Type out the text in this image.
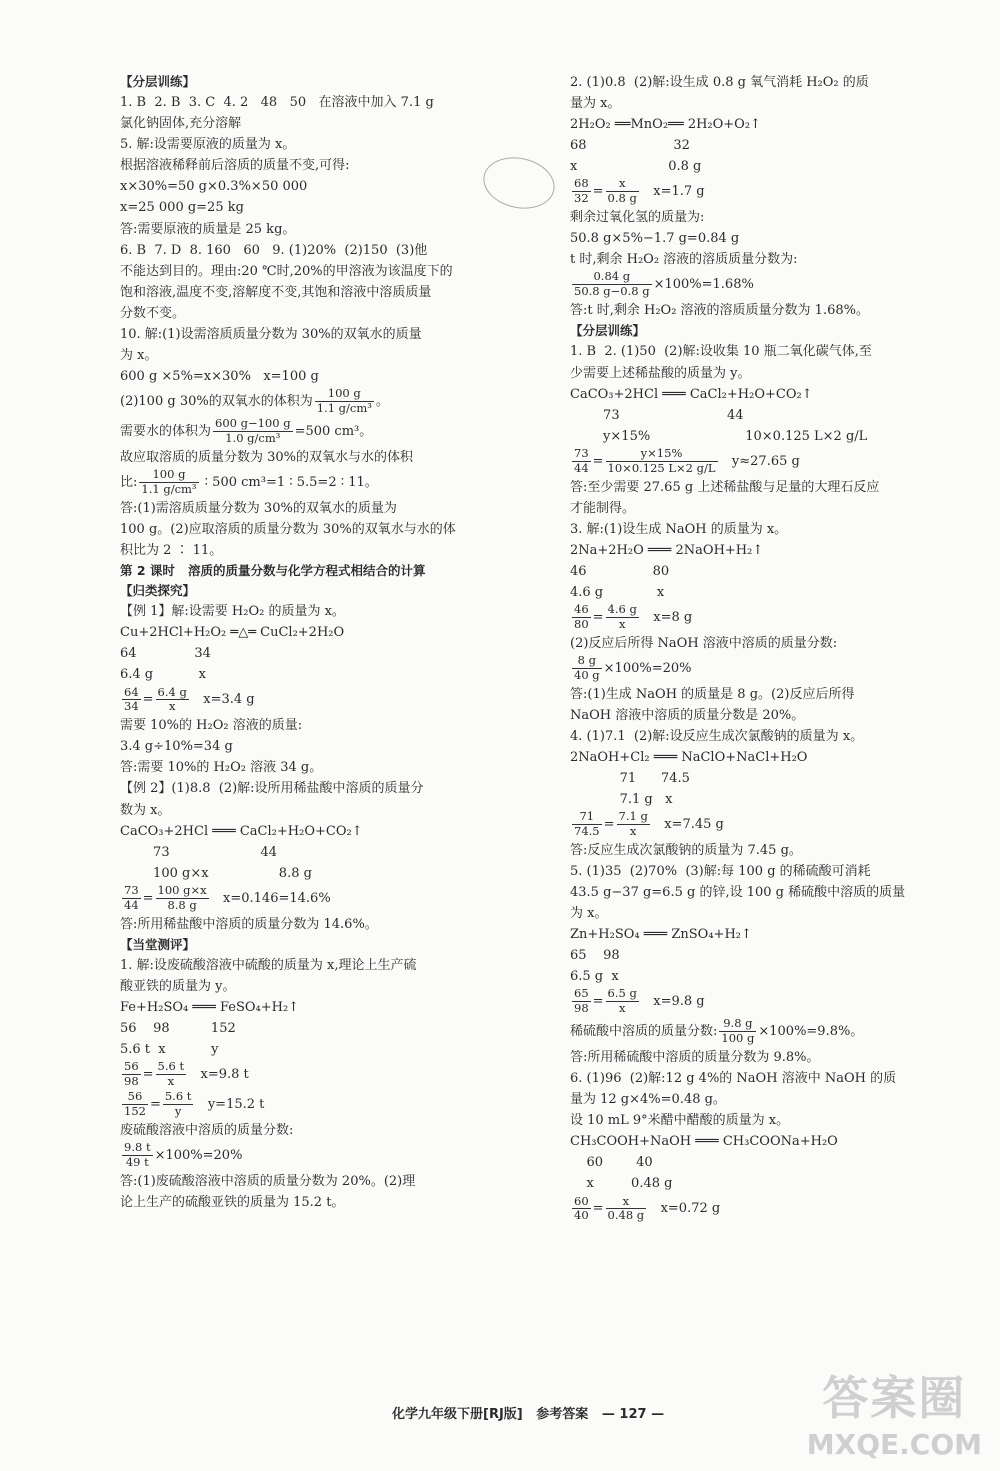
【分层训练】
1. B  2. B  3. C  4. 2   48   50   在溶液中加入 7.1 g
氯化钠固体,充分溶解
5. 解:设需要原液的质量为 x。
根据溶液稀释前后溶质的质量不变,可得:
x×30%=50 g×0.3%×50 000
x=25 000 g=25 kg
答:需要原液的质量是 25 kg。
6. B  7. D  8. 160   60   9. (1)20%  (2)150  (3)他
不能达到目的。理由:20 ℃时,20%的甲溶液为该温度下的
饱和溶液,温度不变,溶解度不变,其饱和溶液中溶质质量
分数不变。
10. 解:(1)设需溶质质量分数为 30%的双氧水的质量
为 x。
600 g ×5%=x×30%   x=100 g
(2)100 g 30%的双氧水的体积为 $\frac{100 g}{\text{1.1 g/cm³}}$ 。
需要水的体积为 $\frac{600 g-100 g}{\text{1.0 g/cm³}} =500$ cm³。
故应取溶质的质量分数为 30%的双氧水与水的体积
比: $\frac{100 g}{\text{1.1 g/cm³}}$ ∶ 500 cm³=1 ∶ 5.5=2 ∶ 11。
答:(1)需溶质质量分数为 30%的双氧水的质量为
100 g。(2)应取溶质的质量分数为 30%的双氧水与水的体
积比为 2 ∶ 11。
第 2 课时   溶质的质量分数与化学方程式相结合的计算
【归类探究】
【例 1】解:设需要 H₂O₂ 的质量为 x。
Cu+2HCl+H₂O₂ ═△═ CuCl₂+2H₂O
64              34
6.4 g           x
$\frac{64}{34} = \frac{6.4 g}{x} x=3.4$ g
需要 10%的 H₂O₂ 溶液的质量:
3.4 g÷10%=34 g
答:需要 10%的 H₂O₂ 溶液 34 g。
【例 2】(1)8.8  (2)解:设所用稀盐酸中溶质的质量分
数为 x。
CaCO₃+2HCl ═══ CaCl₂+H₂O+CO₂↑
73                      44
100 g×x                 8.8 g
$\frac{73}{44} = \frac{100 g\times x}{8.8 g} x=0.146=14.6\%$
答:所用稀盐酸中溶质的质量分数为 14.6%。
【当堂测评】
1. 解:设废硫酸溶液中硫酸的质量为 x,理论上生产硫
酸亚铁的质量为 y。
Fe+H₂SO₄ ═══ FeSO₄+H₂↑
56    98          152
5.6 t  x           y
$\frac{56}{98} = \frac{5.6 t}{x} x=9.8$ t
$\frac{56}{152} = \frac{5.6 t}{y} y=15.2$ t
废硫酸溶液中溶质的质量分数:
$\frac{9.8 t}{49 t} \times 100\%=20\%$
答:(1)废硫酸溶液中溶质的质量分数为 20%。(2)理
论上生产的硫酸亚铁的质量为 15.2 t。
2. (1)0.8  (2)解:设生成 0.8 g 氧气消耗 H₂O₂ 的质
量为 x。
2H₂O₂ ══MnO₂══ 2H₂O+O₂↑
68                     32
x                      0.8 g
$\frac{68}{32} = \frac{x}{0.8 g} x=1.7$ g
剩余过氧化氢的质量为:
50.8 g×5%−1.7 g=0.84 g
t 时,剩余 H₂O₂ 溶液的溶质质量分数为:
$\frac{0.84 g}{50.8 g-0.8 g} \times 100\%=1.68\%$
答:t 时,剩余 H₂O₂ 溶液的溶质质量分数为 1.68%。
【分层训练】
1. B  2. (1)50  (2)解:设收集 10 瓶二氧化碳气体,至
少需要上述稀盐酸的质量为 y。
CaCO₃+2HCl ═══ CaCl₂+H₂O+CO₂↑
73                          44
y×15%                       10×0.125 L×2 g/L
$\frac{73}{44} = \frac{y\times 15\%}{10\times 0.125 L\times 2 g/L} y\approx 27.65$ g
答:至少需要 27.65 g 上述稀盐酸与足量的大理石反应
才能制得。
3. 解:(1)设生成 NaOH 的质量为 x。
2Na+2H₂O ═══ 2NaOH+H₂↑
46                80
4.6 g             x
$\frac{46}{80} = \frac{4.6 g}{x} x=8$ g
(2)反应后所得 NaOH 溶液中溶质的质量分数:
$\frac{8 g}{40 g} \times 100\%=20\%$
答:(1)生成 NaOH 的质量是 8 g。(2)反应后所得
NaOH 溶液中溶质的质量分数是 20%。
4. (1)7.1  (2)解:设反应生成次氯酸钠的质量为 x。
2NaOH+Cl₂ ═══ NaClO+NaCl+H₂O
71      74.5
7.1 g   x
$\frac{71}{74.5} = \frac{7.1 g}{x} x=7.45$ g
答:反应生成次氯酸钠的质量为 7.45 g。
5. (1)35  (2)70%  (3)解:每 100 g 的稀硫酸可消耗
43.5 g−37 g=6.5 g 的锌,设 100 g 稀硫酸中溶质的质量
为 x。
Zn+H₂SO₄ ═══ ZnSO₄+H₂↑
65    98
6.5 g  x
$\frac{65}{98} = \frac{6.5 g}{x} x=9.8$ g
稀硫酸中溶质的质量分数: $\frac{9.8 g}{100 g} \times 100\%=9.8\%$。
答:所用稀硫酸中溶质的质量分数为 9.8%。
6. (1)96  (2)解:12 g 4%的 NaOH 溶液中 NaOH 的质
量为 12 g×4%=0.48 g。
设 10 mL 9°米醋中醋酸的质量为 x。
CH₃COOH+NaOH ═══ CH₃COONa+H₂O
60        40
x         0.48 g
$\frac{60}{40} = \frac{x}{0.48 g} x=0.72$ g
化学九年级下册[RJ版]   参考答案   — 127 —	答案圈
MXQE.COM
